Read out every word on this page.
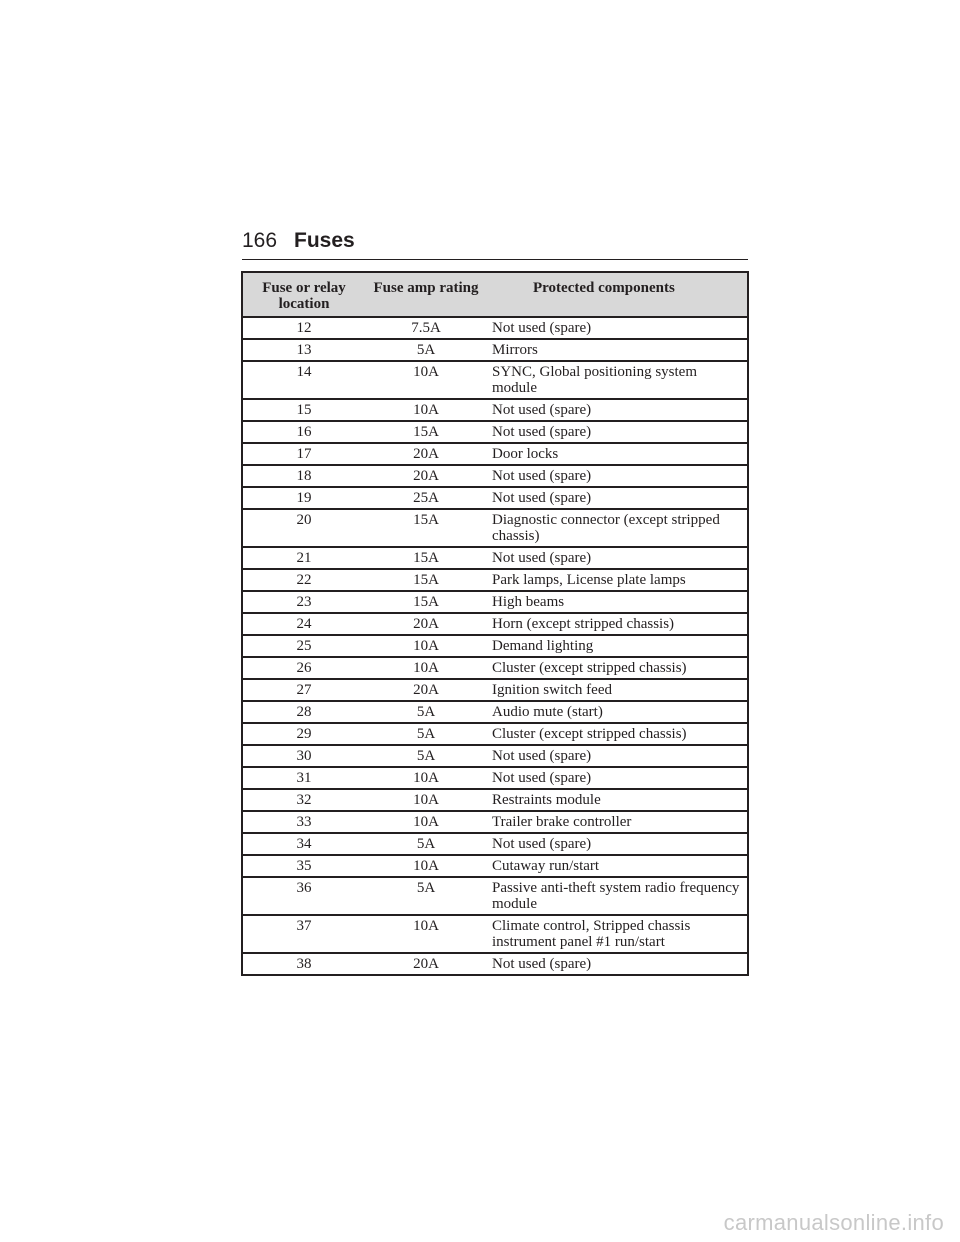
166 Fuses
Fuse or relay location	Fuse amp rating	Protected components
12	7.5A	Not used (spare)
13	5A	Mirrors
14	10A	SYNC, Global positioning system module
15	10A	Not used (spare)
16	15A	Not used (spare)
17	20A	Door locks
18	20A	Not used (spare)
19	25A	Not used (spare)
20	15A	Diagnostic connector (except stripped chassis)
21	15A	Not used (spare)
22	15A	Park lamps, License plate lamps
23	15A	High beams
24	20A	Horn (except stripped chassis)
25	10A	Demand lighting
26	10A	Cluster (except stripped chassis)
27	20A	Ignition switch feed
28	5A	Audio mute (start)
29	5A	Cluster (except stripped chassis)
30	5A	Not used (spare)
31	10A	Not used (spare)
32	10A	Restraints module
33	10A	Trailer brake controller
34	5A	Not used (spare)
35	10A	Cutaway run/start
36	5A	Passive anti-theft system radio frequency module
37	10A	Climate control, Stripped chassis instrument panel #1 run/start
38	20A	Not used (spare)
carmanualsonline.info
